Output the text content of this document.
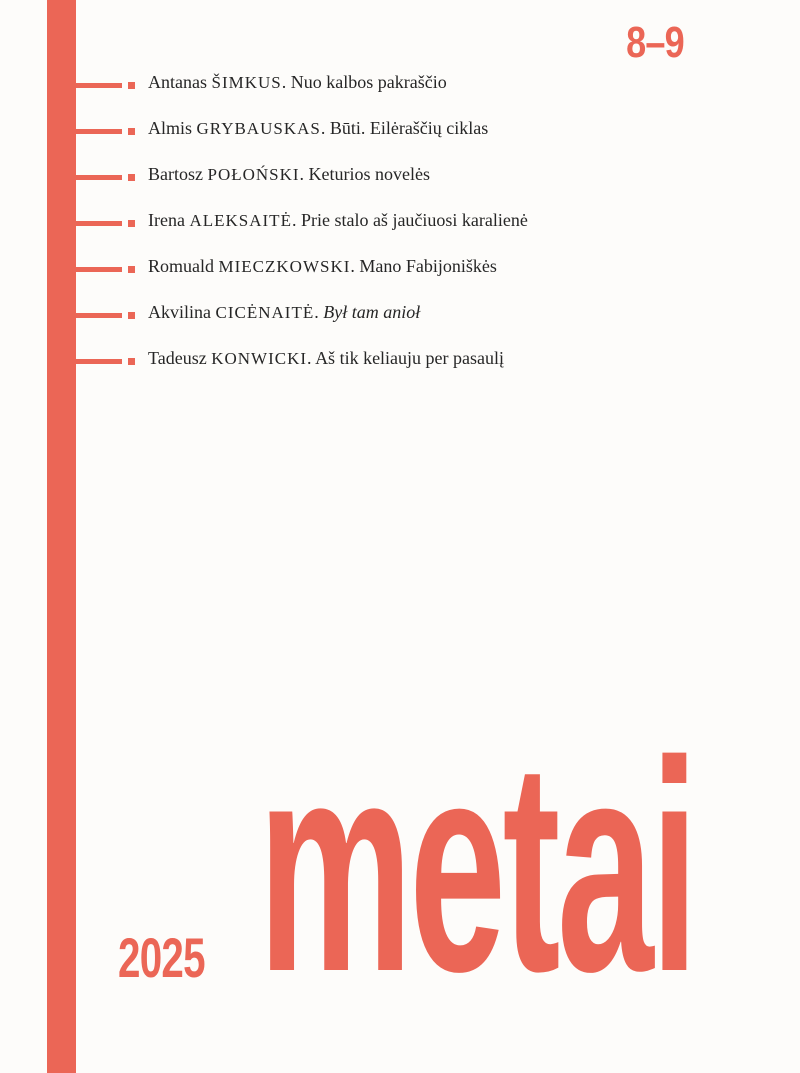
8–9
Antanas ŠIMKUS. Nuo kalbos pakraščio
Almis GRYBAUSKAS. Būti. Eilėraščių ciklas
Bartosz POŁOŃSKI. Keturios novelės
Irena ALEKSAITĖ. Prie stalo aš jaučiuosi karalienė
Romuald MIECZKOWSKI. Mano Fabijoniškės
Akvilina CICĖNAITĖ. Był tam anioł
Tadeusz KONWICKI. Aš tik keliauju per pasaulį
2025 metai
